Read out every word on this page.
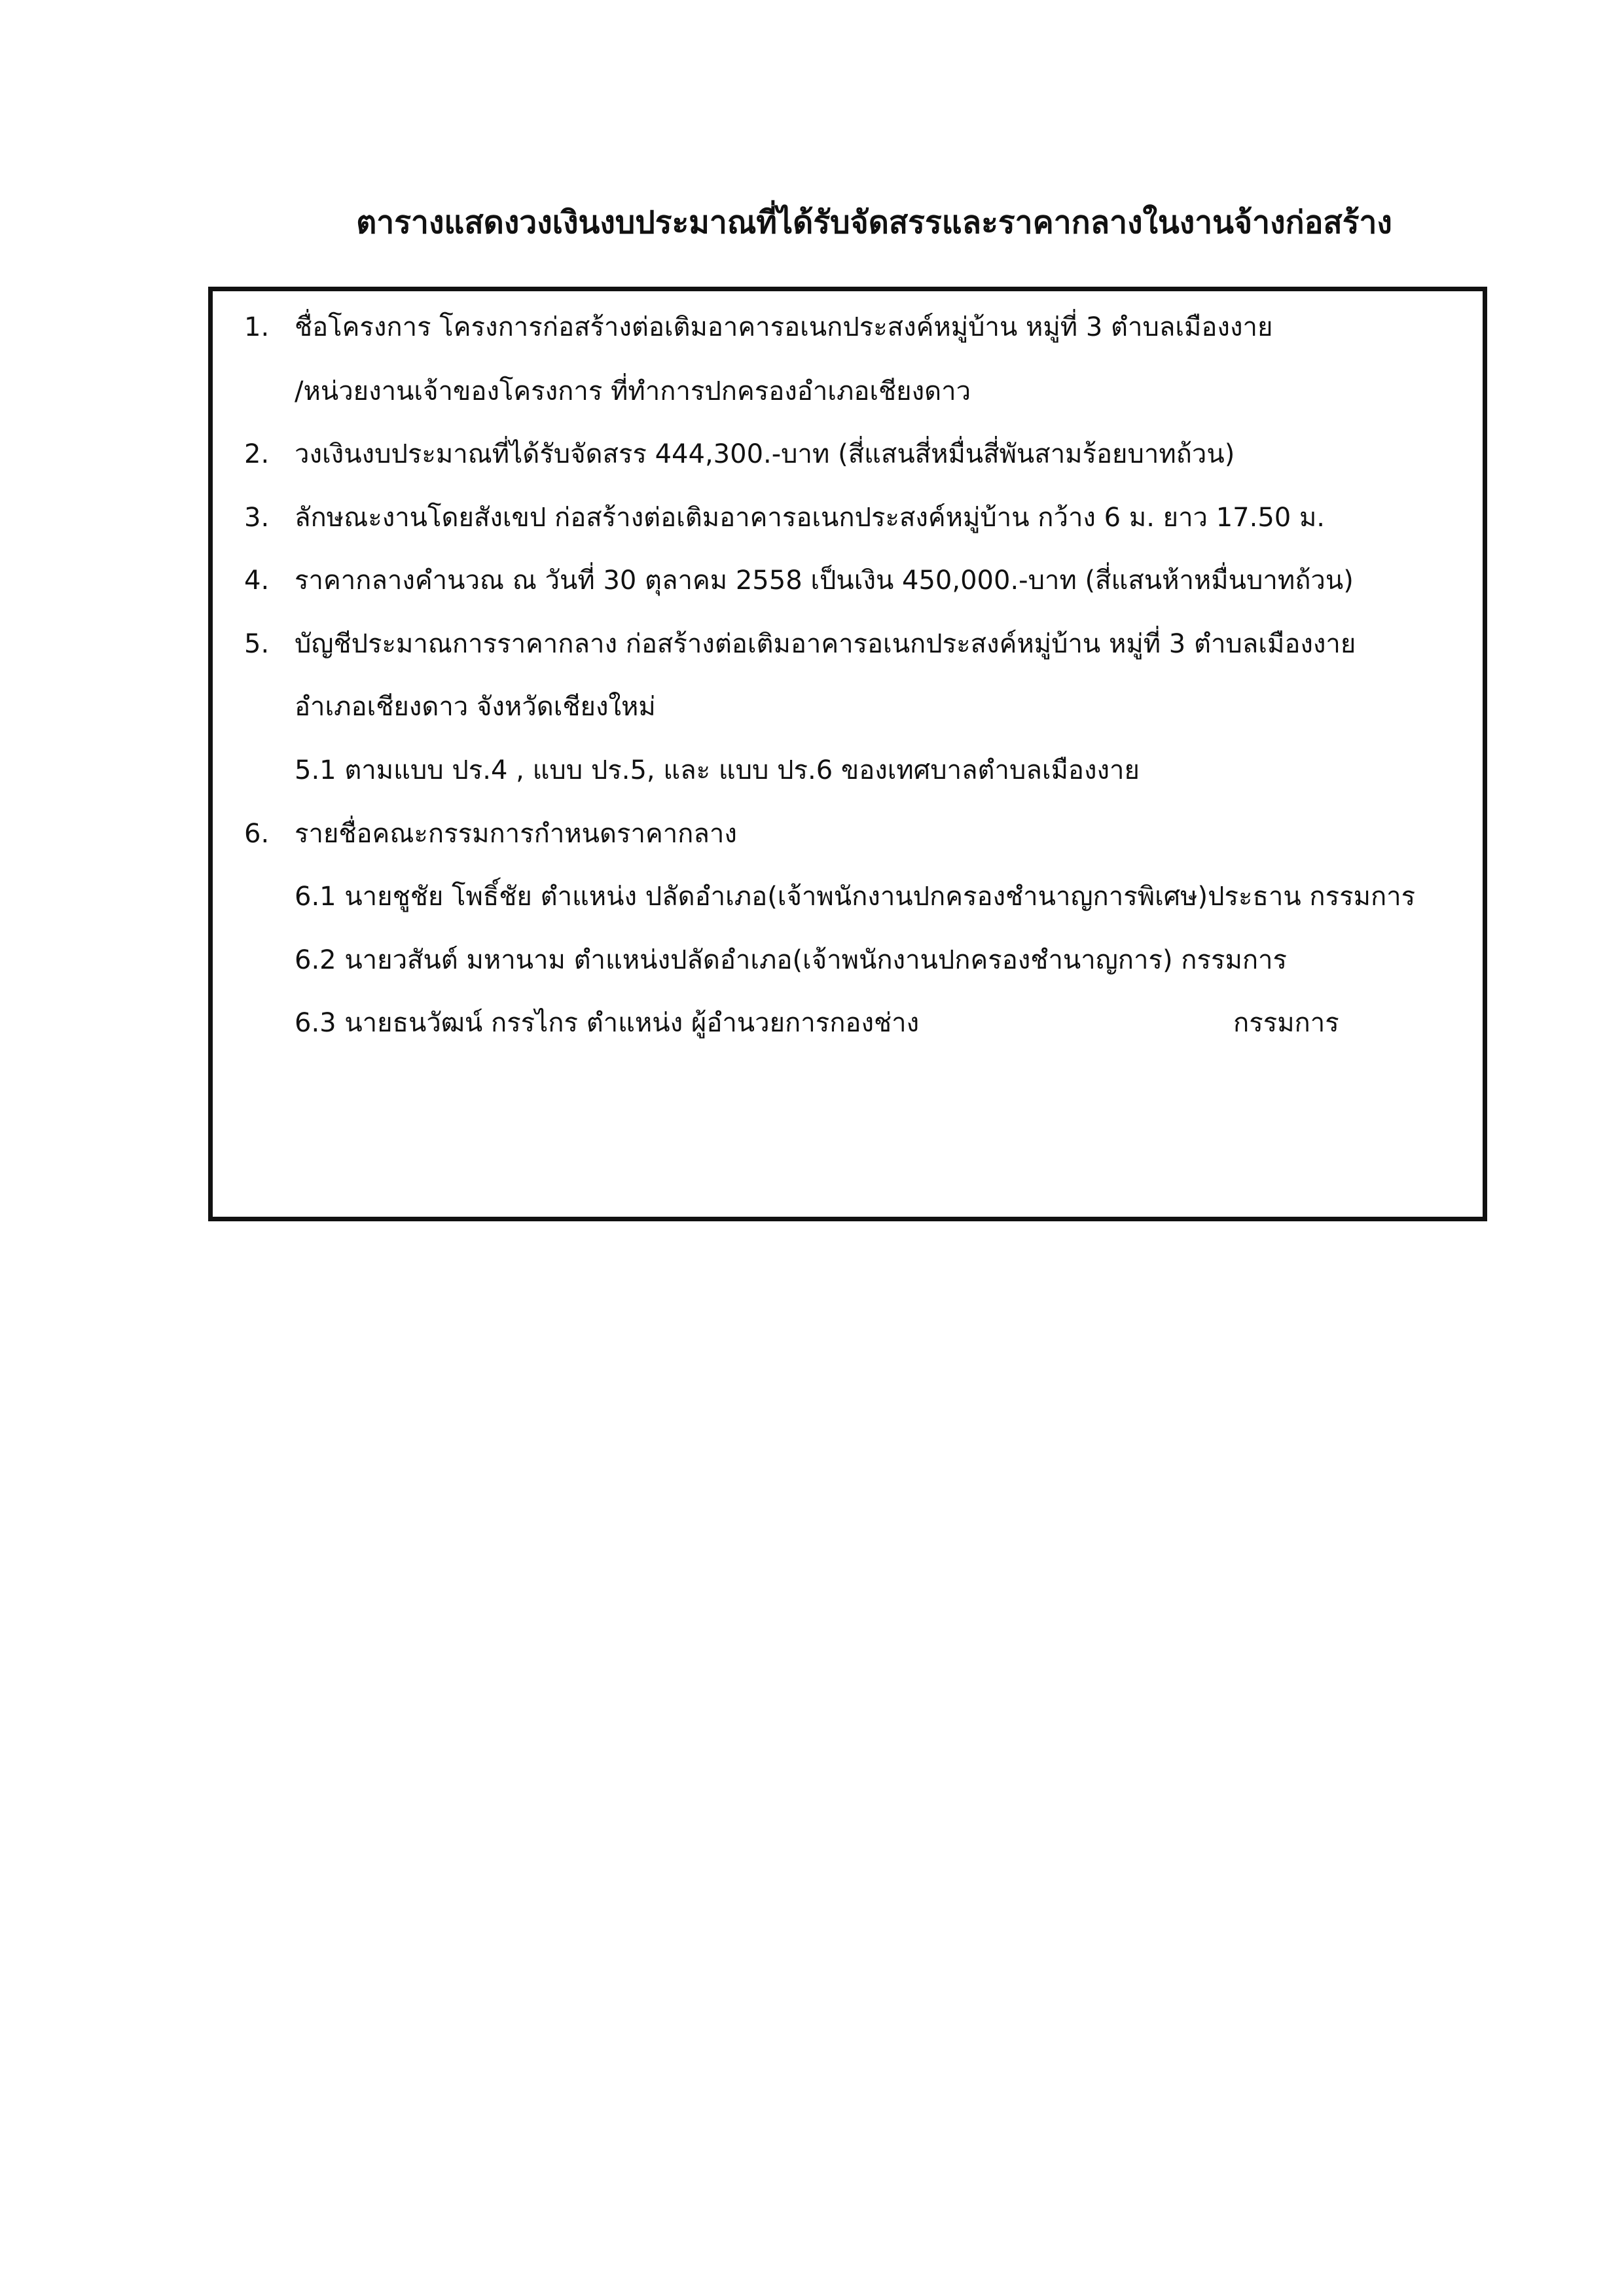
ตารางแสดงวงเงินงบประมาณที่ได้รับจัดสรรและราคากลางในงานจ้างก่อสร้าง
1. ชื่อโครงการ โครงการก่อสร้างต่อเติมอาคารอเนกประสงค์หมู่บ้าน หมู่ที่ 3 ตำบลเมืองงาย
/หน่วยงานเจ้าของโครงการ ที่ทำการปกครองอำเภอเชียงดาว
2. วงเงินงบประมาณที่ได้รับจัดสรร 444,300.-บาท (สี่แสนสี่หมื่นสี่พันสามร้อยบาทถ้วน)
3. ลักษณะงานโดยสังเขป ก่อสร้างต่อเติมอาคารอเนกประสงค์หมู่บ้าน กว้าง 6 ม. ยาว 17.50 ม.
4. ราคากลางคำนวณ ณ วันที่ 30 ตุลาคม 2558 เป็นเงิน 450,000.-บาท (สี่แสนห้าหมื่นบาทถ้วน)
5. บัญชีประมาณการราคากลาง ก่อสร้างต่อเติมอาคารอเนกประสงค์หมู่บ้าน หมู่ที่ 3 ตำบลเมืองงาย
อำเภอเชียงดาว จังหวัดเชียงใหม่
5.1 ตามแบบ ปร.4 , แบบ ปร.5, และ แบบ ปร.6 ของเทศบาลตำบลเมืองงาย
6. รายชื่อคณะกรรมการกำหนดราคากลาง
6.1 นายชูชัย โพธิ์ชัย ตำแหน่ง ปลัดอำเภอ(เจ้าพนักงานปกครองชำนาญการพิเศษ)ประธาน กรรมการ
6.2 นายวสันต์ มหานาม ตำแหน่งปลัดอำเภอ(เจ้าพนักงานปกครองชำนาญการ) กรรมการ
6.3 นายธนวัฒน์ กรรไกร ตำแหน่ง ผู้อำนวยการกองช่าง	กรรมการ
